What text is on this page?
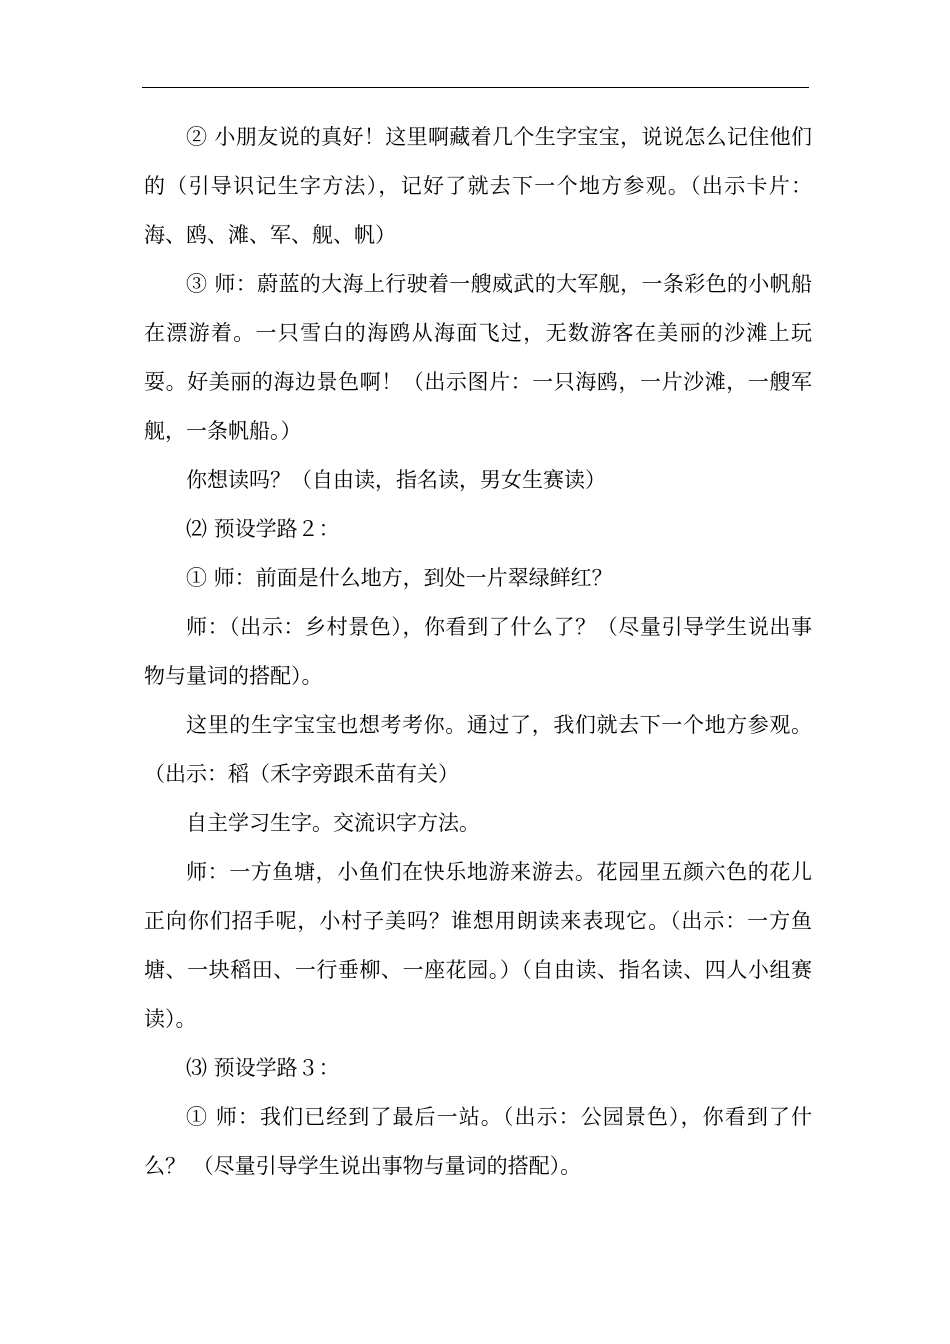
② 小朋友说的真好！这里啊藏着几个生字宝宝，说说怎么记住他们的（引导识记生字方法），记好了就去下一个地方参观。（出示卡片：海、鸥、滩、军、舰、帆）

③ 师：蔚蓝的大海上行驶着一艘威武的大军舰，一条彩色的小帆船在漂游着。一只雪白的海鸥从海面飞过，无数游客在美丽的沙滩上玩耍。好美丽的海边景色啊！（出示图片：一只海鸥，一片沙滩，一艘军舰，一条帆船。）

你想读吗？（自由读，指名读，男女生赛读）

⑵ 预设学路２：

① 师：前面是什么地方，到处一片翠绿鲜红？

师：（出示：乡村景色），你看到了什么了？（尽量引导学生说出事物与量词的搭配）。

这里的生字宝宝也想考考你。通过了，我们就去下一个地方参观。（出示：稻（禾字旁跟禾苗有关）

自主学习生字。交流识字方法。

师：一方鱼塘，小鱼们在快乐地游来游去。花园里五颜六色的花儿正向你们招手呢，小村子美吗？谁想用朗读来表现它。（出示：一方鱼塘、一块稻田、一行垂柳、一座花园。）（自由读、指名读、四人小组赛读）。

⑶ 预设学路３：

① 师：我们已经到了最后一站。（出示：公园景色），你看到了什么？ （尽量引导学生说出事物与量词的搭配）。
